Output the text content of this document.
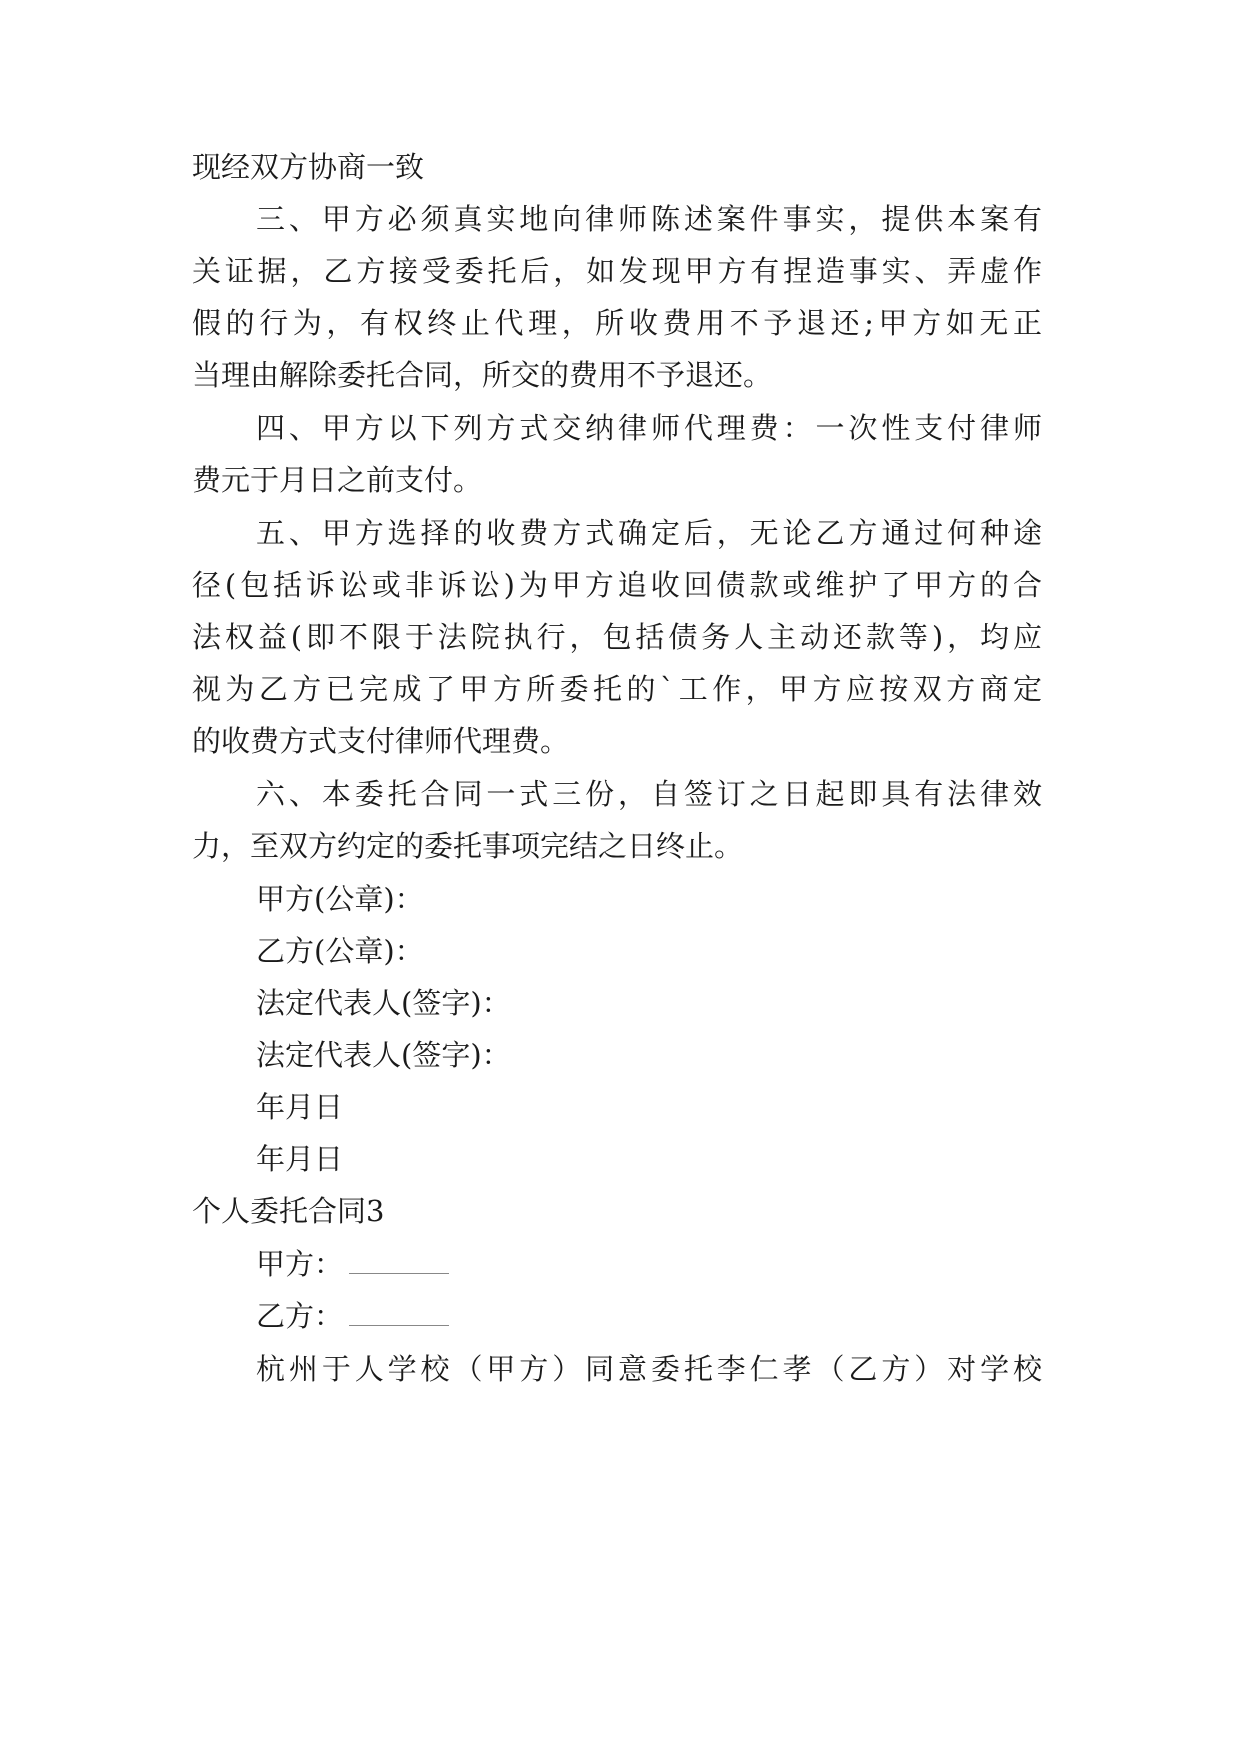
现经双方协商一致
三、甲方必须真实地向律师陈述案件事实，提供本案有
关证据，乙方接受委托后，如发现甲方有捏造事实、弄虚作
假的行为，有权终止代理，所收费用不予退还;甲方如无正
当理由解除委托合同，所交的费用不予退还。
四、甲方以下列方式交纳律师代理费：一次性支付律师
费元于月日之前支付。
五、甲方选择的收费方式确定后，无论乙方通过何种途
径(包括诉讼或非诉讼)为甲方追收回债款或维护了甲方的合
法权益(即不限于法院执行，包括债务人主动还款等)，均应
视为乙方已完成了甲方所委托的`工作，甲方应按双方商定
的收费方式支付律师代理费。
六、本委托合同一式三份，自签订之日起即具有法律效
力，至双方约定的委托事项完结之日终止。
甲方(公章)：
乙方(公章)：
法定代表人(签字)：
法定代表人(签字)：
年月日
年月日
个人委托合同3
甲方：
乙方：
杭州于人学校（甲方）同意委托李仁孝（乙方）对学校
